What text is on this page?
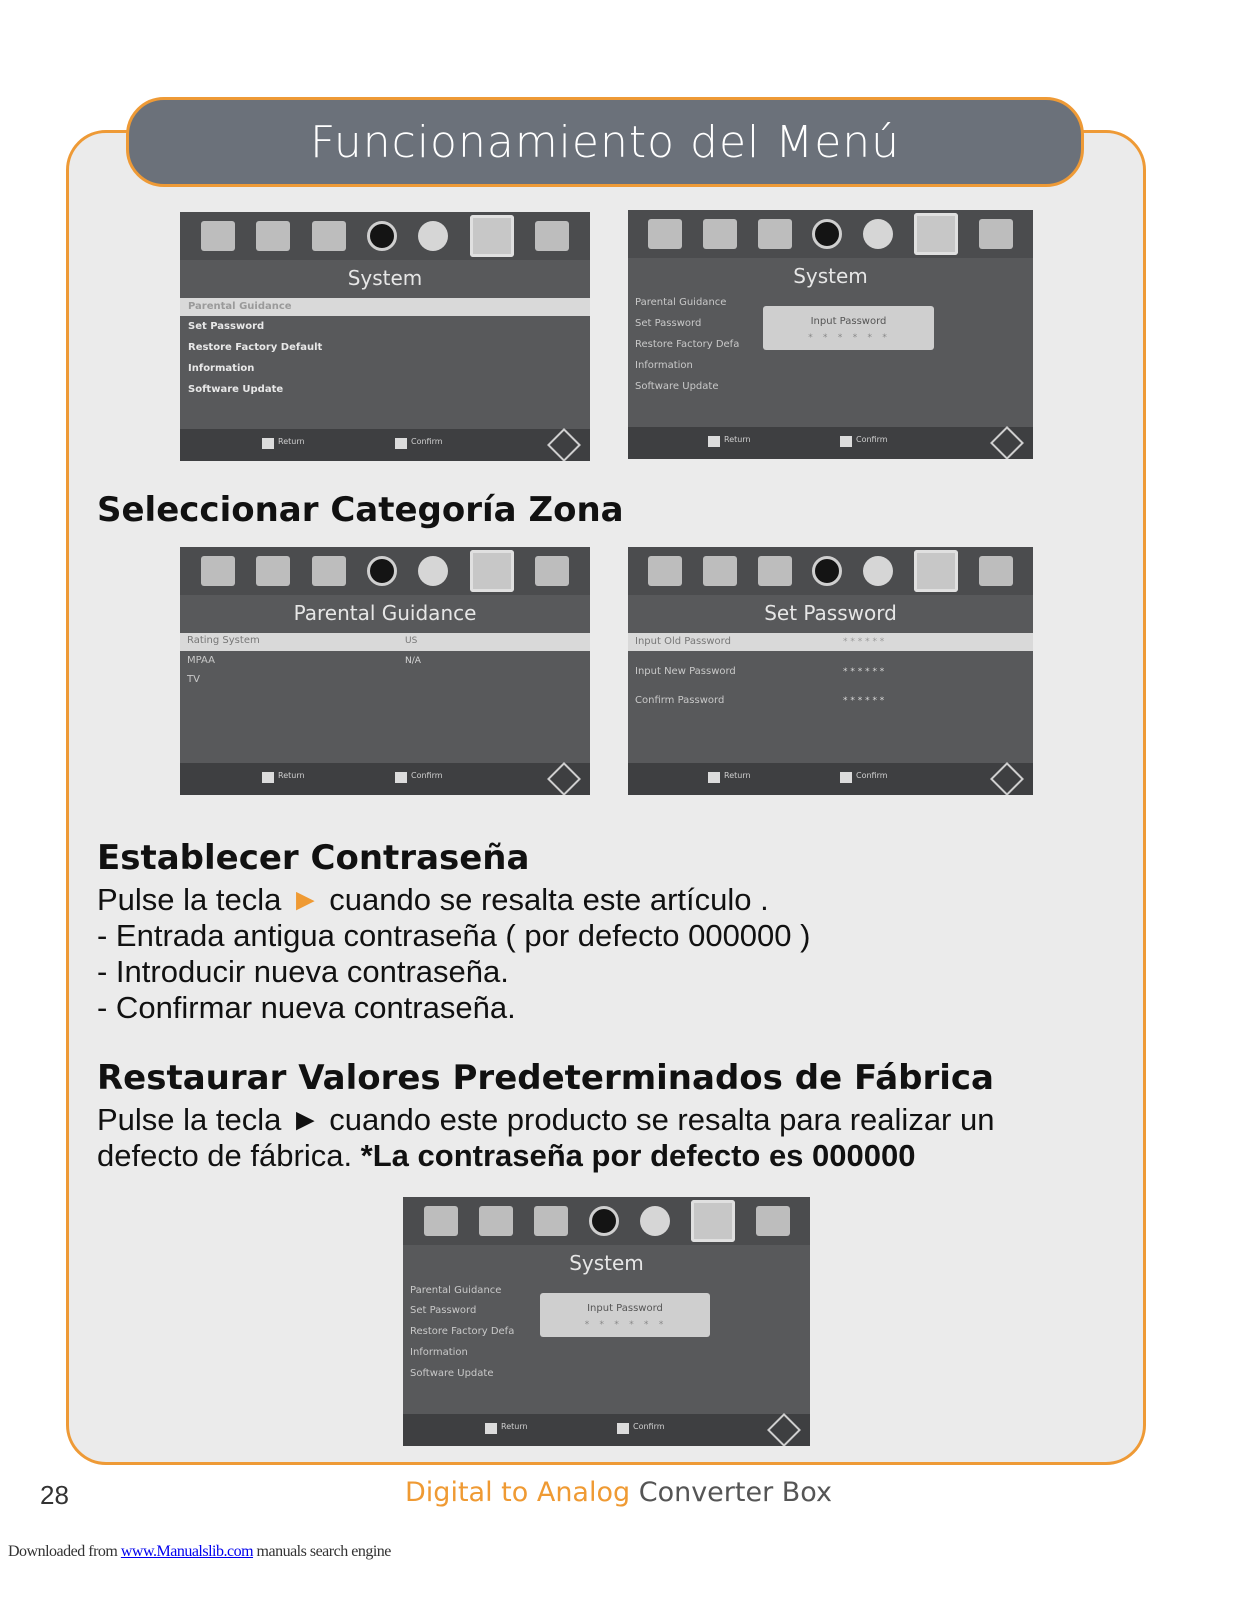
Funcionamiento del Menú
System
Parental Guidance
Set Password
Restore Factory Default
Information
Software Update
Return	Confirm
System
Parental Guidance
Set Password
Restore Factory Defa
Information
Software Update
Input Password
* * * * * *
Return	Confirm
Seleccionar Categoría Zona
Parental Guidance
Rating System	US
MPAA	N/A
TV
Return	Confirm
Set Password
Input Old Password	* * * * * *
Input New Password	* * * * * *
Confirm Password	* * * * * *
Return	Confirm
Establecer Contraseña
Pulse la tecla ► cuando se resalta este artículo .
- Entrada antigua contraseña ( por defecto 000000 )
- Introducir nueva contraseña.
- Confirmar nueva contraseña.
Restaurar Valores Predeterminados de Fábrica
Pulse la tecla ► cuando este producto se resalta para realizar un
defecto de fábrica. *La contraseña por defecto es 000000
System
Parental Guidance
Set Password
Restore Factory Defa
Information
Software Update
Input Password
* * * * * *
Return	Confirm
28	Digital to Analog Converter Box
Downloaded from www.Manualslib.com manuals search engine
